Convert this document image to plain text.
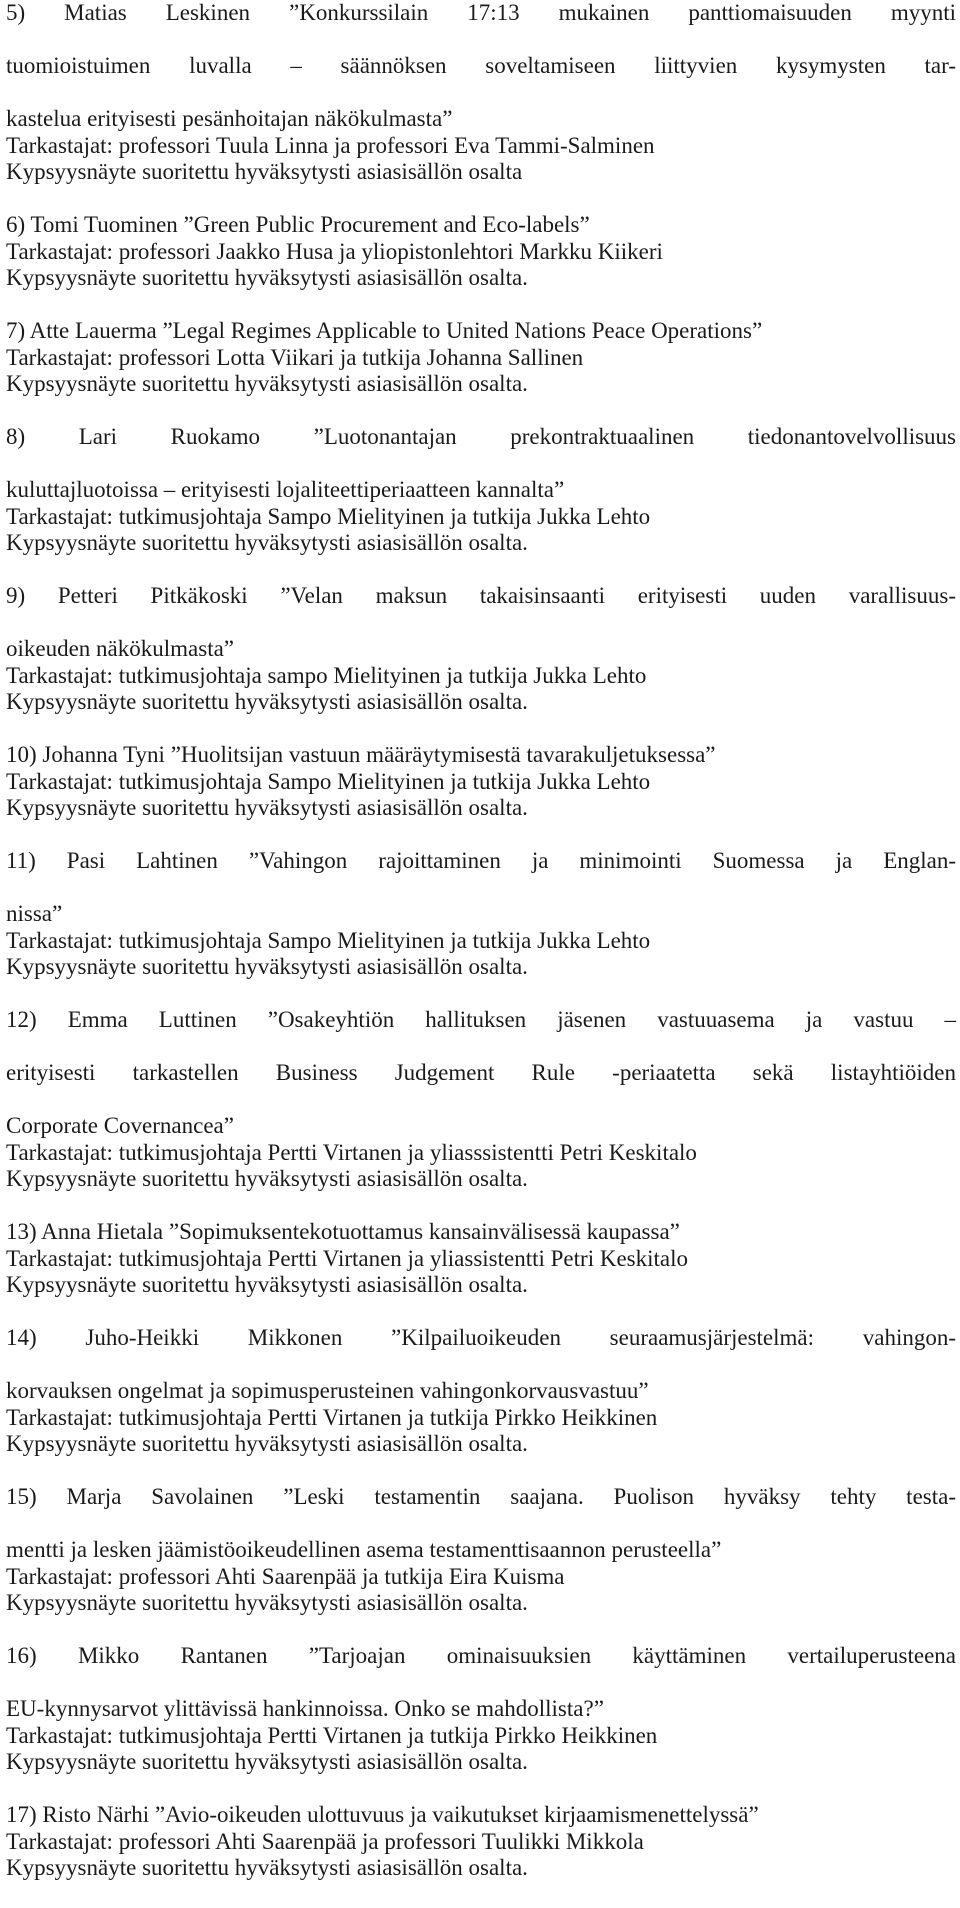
5) Matias Leskinen ”Konkurssilain 17:13 mukainen panttiomaisuuden myynti
tuomioistuimen luvalla – säännöksen soveltamiseen liittyvien kysymysten tar-
kastelua erityisesti pesänhoitajan näkökulmasta”
Tarkastajat: professori Tuula Linna ja professori Eva Tammi-Salminen
Kypsyysnäyte suoritettu hyväksytysti asiasisällön osalta
6) Tomi Tuominen ”Green Public Procurement and Eco-labels”
Tarkastajat: professori Jaakko Husa ja yliopistonlehtori Markku Kiikeri
Kypsyysnäyte suoritettu hyväksytysti asiasisällön osalta.
7) Atte Lauerma ”Legal Regimes Applicable to United Nations Peace Operations”
Tarkastajat: professori Lotta Viikari ja tutkija Johanna Sallinen
Kypsyysnäyte suoritettu hyväksytysti asiasisällön osalta.
8) Lari Ruokamo ”Luotonantajan prekontraktuaalinen tiedonantovelvollisuus
kuluttajluotoissa – erityisesti lojaliteettiperiaatteen kannalta”
Tarkastajat: tutkimusjohtaja Sampo Mielityinen ja tutkija Jukka Lehto
Kypsyysnäyte suoritettu hyväksytysti asiasisällön osalta.
9) Petteri Pitkäkoski ”Velan maksun takaisinsaanti erityisesti uuden varallisuus-
oikeuden näkökulmasta”
Tarkastajat: tutkimusjohtaja sampo Mielityinen ja tutkija Jukka Lehto
Kypsyysnäyte suoritettu hyväksytysti asiasisällön osalta.
10) Johanna Tyni ”Huolitsijan vastuun määräytymisestä tavarakuljetuksessa”
Tarkastajat: tutkimusjohtaja Sampo Mielityinen ja tutkija Jukka Lehto
Kypsyysnäyte suoritettu hyväksytysti asiasisällön osalta.
11) Pasi Lahtinen ”Vahingon rajoittaminen ja minimointi Suomessa ja Englan-
nissa”
Tarkastajat: tutkimusjohtaja Sampo Mielityinen ja tutkija Jukka Lehto
Kypsyysnäyte suoritettu hyväksytysti asiasisällön osalta.
12) Emma Luttinen ”Osakeyhtiön hallituksen jäsenen vastuuasema ja vastuu –
erityisesti tarkastellen Business Judgement Rule -periaatetta sekä listayhtiöiden
Corporate Covernancea”
Tarkastajat: tutkimusjohtaja Pertti Virtanen ja yliasssistentti Petri Keskitalo
Kypsyysnäyte suoritettu hyväksytysti asiasisällön osalta.
13) Anna Hietala ”Sopimuksentekotuottamus kansainvälisessä kaupassa”
Tarkastajat: tutkimusjohtaja Pertti Virtanen ja yliassistentti Petri Keskitalo
Kypsyysnäyte suoritettu hyväksytysti asiasisällön osalta.
14) Juho-Heikki Mikkonen ”Kilpailuoikeuden seuraamusjärjestelmä: vahingon-
korvauksen ongelmat ja sopimusperusteinen vahingonkorvausvastuu”
Tarkastajat: tutkimusjohtaja Pertti Virtanen ja tutkija Pirkko Heikkinen
Kypsyysnäyte suoritettu hyväksytysti asiasisällön osalta.
15) Marja Savolainen ”Leski testamentin saajana. Puolison hyväksy tehty testa-
mentti ja lesken jäämistöoikeudellinen asema testamenttisaannon perusteella”
Tarkastajat: professori Ahti Saarenpää ja tutkija Eira Kuisma
Kypsyysnäyte suoritettu hyväksytysti asiasisällön osalta.
16) Mikko Rantanen ”Tarjoajan ominaisuuksien käyttäminen vertailuperusteena
EU-kynnysarvot ylittävissä hankinnoissa. Onko se mahdollista?”
Tarkastajat: tutkimusjohtaja Pertti Virtanen ja tutkija Pirkko Heikkinen
Kypsyysnäyte suoritettu hyväksytysti asiasisällön osalta.
17) Risto Närhi ”Avio-oikeuden ulottuvuus ja vaikutukset kirjaamismenettelyssä”
Tarkastajat: professori Ahti Saarenpää ja professori Tuulikki Mikkola
Kypsyysnäyte suoritettu hyväksytysti asiasisällön osalta.
